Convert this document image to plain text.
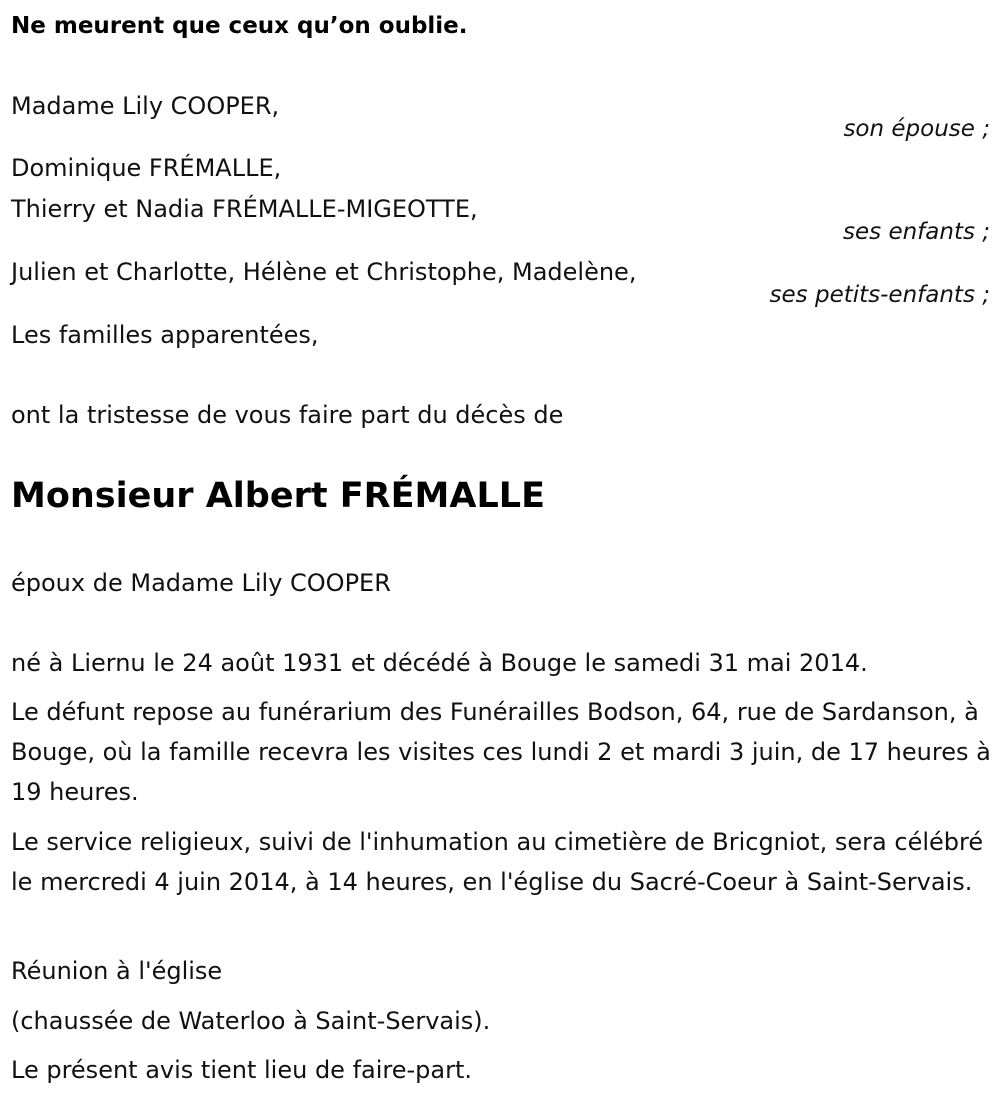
Ne meurent que ceux qu’on oublie.
Madame Lily COOPER,
son épouse ;
Dominique FRÉMALLE,
Thierry et Nadia FRÉMALLE-MIGEOTTE,
ses enfants ;
Julien et Charlotte, Hélène et Christophe, Madelène,
ses petits-enfants ;
Les familles apparentées,
ont la tristesse de vous faire part du décès de
Monsieur Albert FRÉMALLE
époux de Madame Lily COOPER
né à Liernu le 24 août 1931 et décédé à Bouge le samedi 31 mai 2014.
Le défunt repose au funérarium des Funérailles Bodson, 64, rue de Sardanson, à Bouge, où la famille recevra les visites ces lundi 2 et mardi 3 juin, de 17 heures à 19 heures.
Le service religieux, suivi de l'inhumation au cimetière de Bricgniot, sera célébré le mercredi 4 juin 2014, à 14 heures, en l'église du Sacré-Coeur à Saint-Servais.
Réunion à l'église
(chaussée de Waterloo à Saint-Servais).
Le présent avis tient lieu de faire-part.
